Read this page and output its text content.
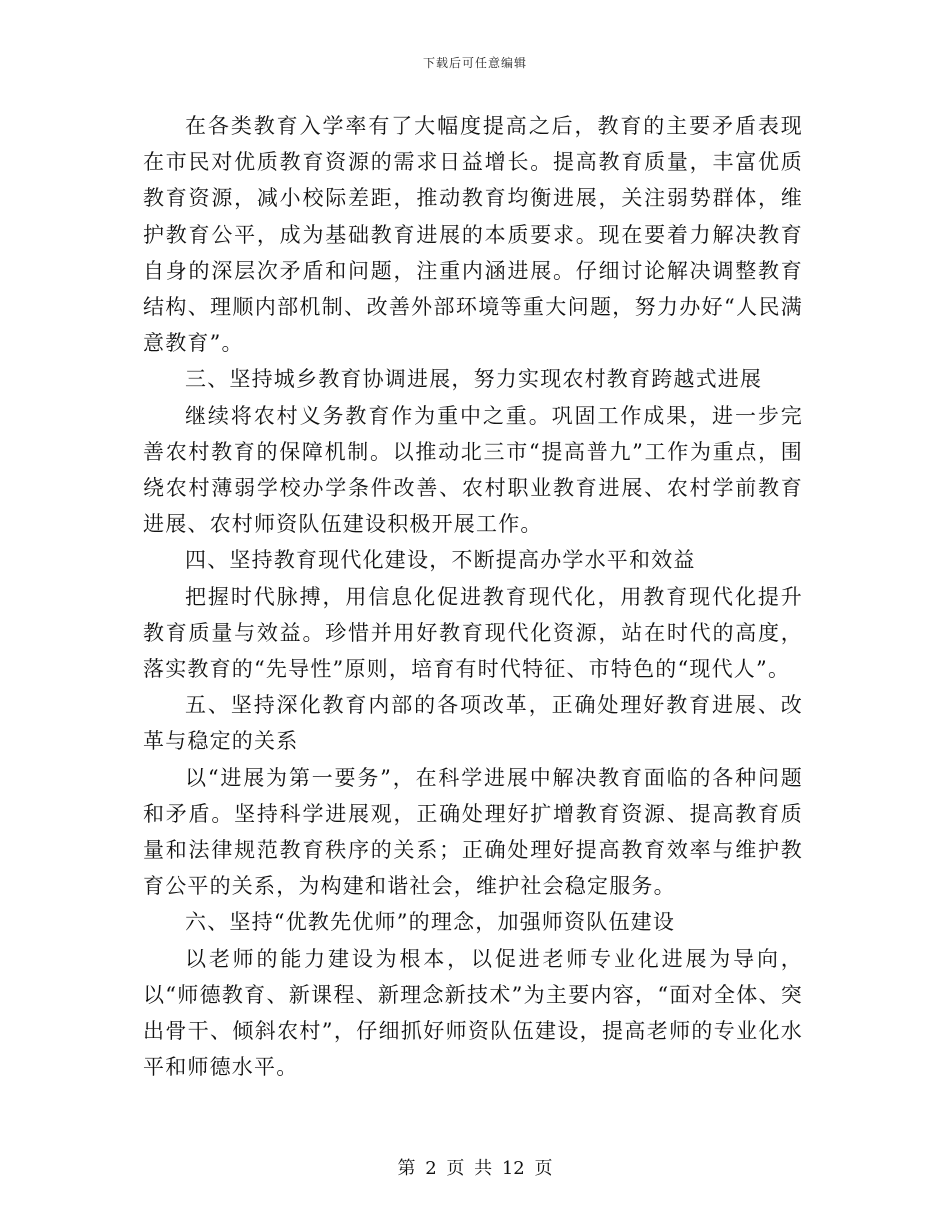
下载后可任意编辑

在各类教育入学率有了大幅度提高之后，教育的主要矛盾表现在市民对优质教育资源的需求日益增长。提高教育质量，丰富优质教育资源，减小校际差距，推动教育均衡进展，关注弱势群体，维护教育公平，成为基础教育进展的本质要求。现在要着力解决教育自身的深层次矛盾和问题，注重内涵进展。仔细讨论解决调整教育结构、理顺内部机制、改善外部环境等重大问题，努力办好“人民满意教育”。

三、坚持城乡教育协调进展，努力实现农村教育跨越式进展

继续将农村义务教育作为重中之重。巩固工作成果，进一步完善农村教育的保障机制。以推动北三市“提高普九”工作为重点，围绕农村薄弱学校办学条件改善、农村职业教育进展、农村学前教育进展、农村师资队伍建设积极开展工作。

四、坚持教育现代化建设，不断提高办学水平和效益

把握时代脉搏，用信息化促进教育现代化，用教育现代化提升教育质量与效益。珍惜并用好教育现代化资源，站在时代的高度，落实教育的“先导性”原则，培育有时代特征、市特色的“现代人”。

五、坚持深化教育内部的各项改革，正确处理好教育进展、改革与稳定的关系

以“进展为第一要务”，在科学进展中解决教育面临的各种问题和矛盾。坚持科学进展观，正确处理好扩增教育资源、提高教育质量和法律规范教育秩序的关系；正确处理好提高教育效率与维护教育公平的关系，为构建和谐社会，维护社会稳定服务。

六、坚持“优教先优师”的理念，加强师资队伍建设

以老师的能力建设为根本，以促进老师专业化进展为导向，以“师德教育、新课程、新理念新技术”为主要内容，“面对全体、突出骨干、倾斜农村”，仔细抓好师资队伍建设，提高老师的专业化水平和师德水平。

第 2 页 共 12 页
